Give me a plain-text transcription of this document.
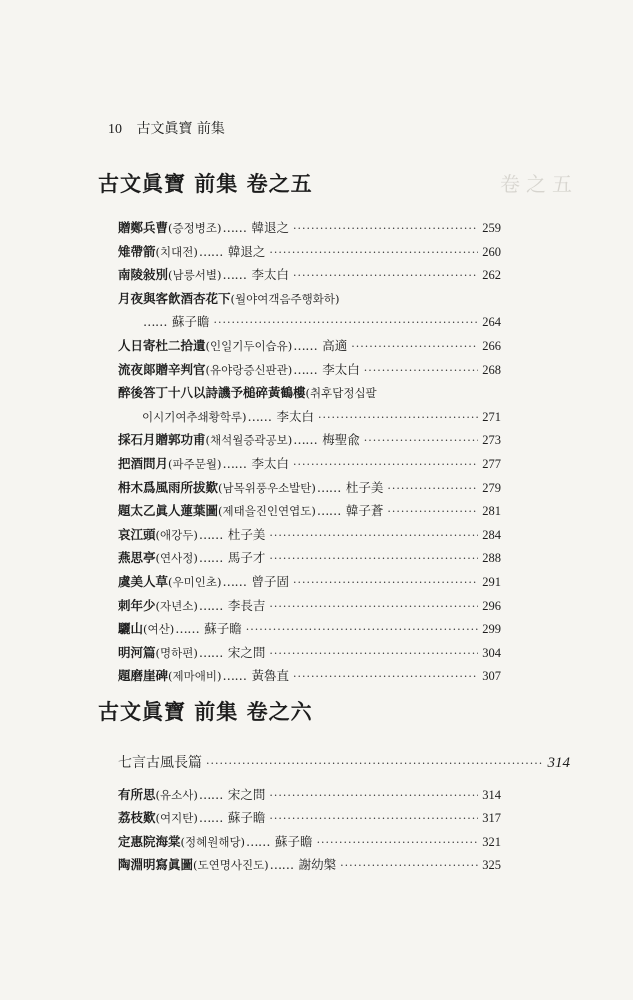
10 古文眞寶 前集
卷之五
古文眞寶 前集 卷之五
贈鄭兵曹 (증정병조) …… 韓退之 ·····	259
雉帶箭 (치대전) …… 韓退之 ·····	260
南陵敍別 (남릉서별) …… 李太白 ·····	262
月夜與客飮酒杏花下 (월야여객음주행화하)
…… 蘇子瞻 ·····	264
人日寄杜二拾遺 (인일기두이습유) …… 高適 ·····	266
流夜郞贈辛判官 (유야랑증신판관) …… 李太白 ·····	268
醉後答丁十八以詩譏予槌碎黃鶴樓 (취후답정십팔
이시기여추쇄황학루) …… 李太白 ·····	271
採石月贈郭功甫 (채석월증곽공보) …… 梅聖兪 ·····	273
把酒問月 (파주문월) …… 李太白 ·····	277
枏木爲風雨所拔歎 (남목위풍우소발탄) …… 杜子美 ·····	279
題太乙眞人蓮葉圖 (제태을진인연엽도) …… 韓子蒼 ·····	281
哀江頭 (애강두) …… 杜子美 ·····	284
燕思亭 (연사정) …… 馬子才 ·····	288
虞美人草 (우미인초) …… 曾子固 ·····	291
刺年少 (자년소) …… 李長吉 ·····	296
驪山 (여산) …… 蘇子瞻 ·····	299
明河篇 (명하편) …… 宋之問 ·····	304
題磨崖碑 (제마애비) …… 黃魯直 ·····	307
古文眞寶 前集 卷之六
七言古風長篇 ·····	314
有所思 (유소사) …… 宋之問 ·····	314
荔枝歎 (여지탄) …… 蘇子瞻 ·····	317
定惠院海棠 (정혜원해당) …… 蘇子瞻 ·····	321
陶淵明寫眞圖 (도연명사진도) …… 謝幼槃 ·····	325
